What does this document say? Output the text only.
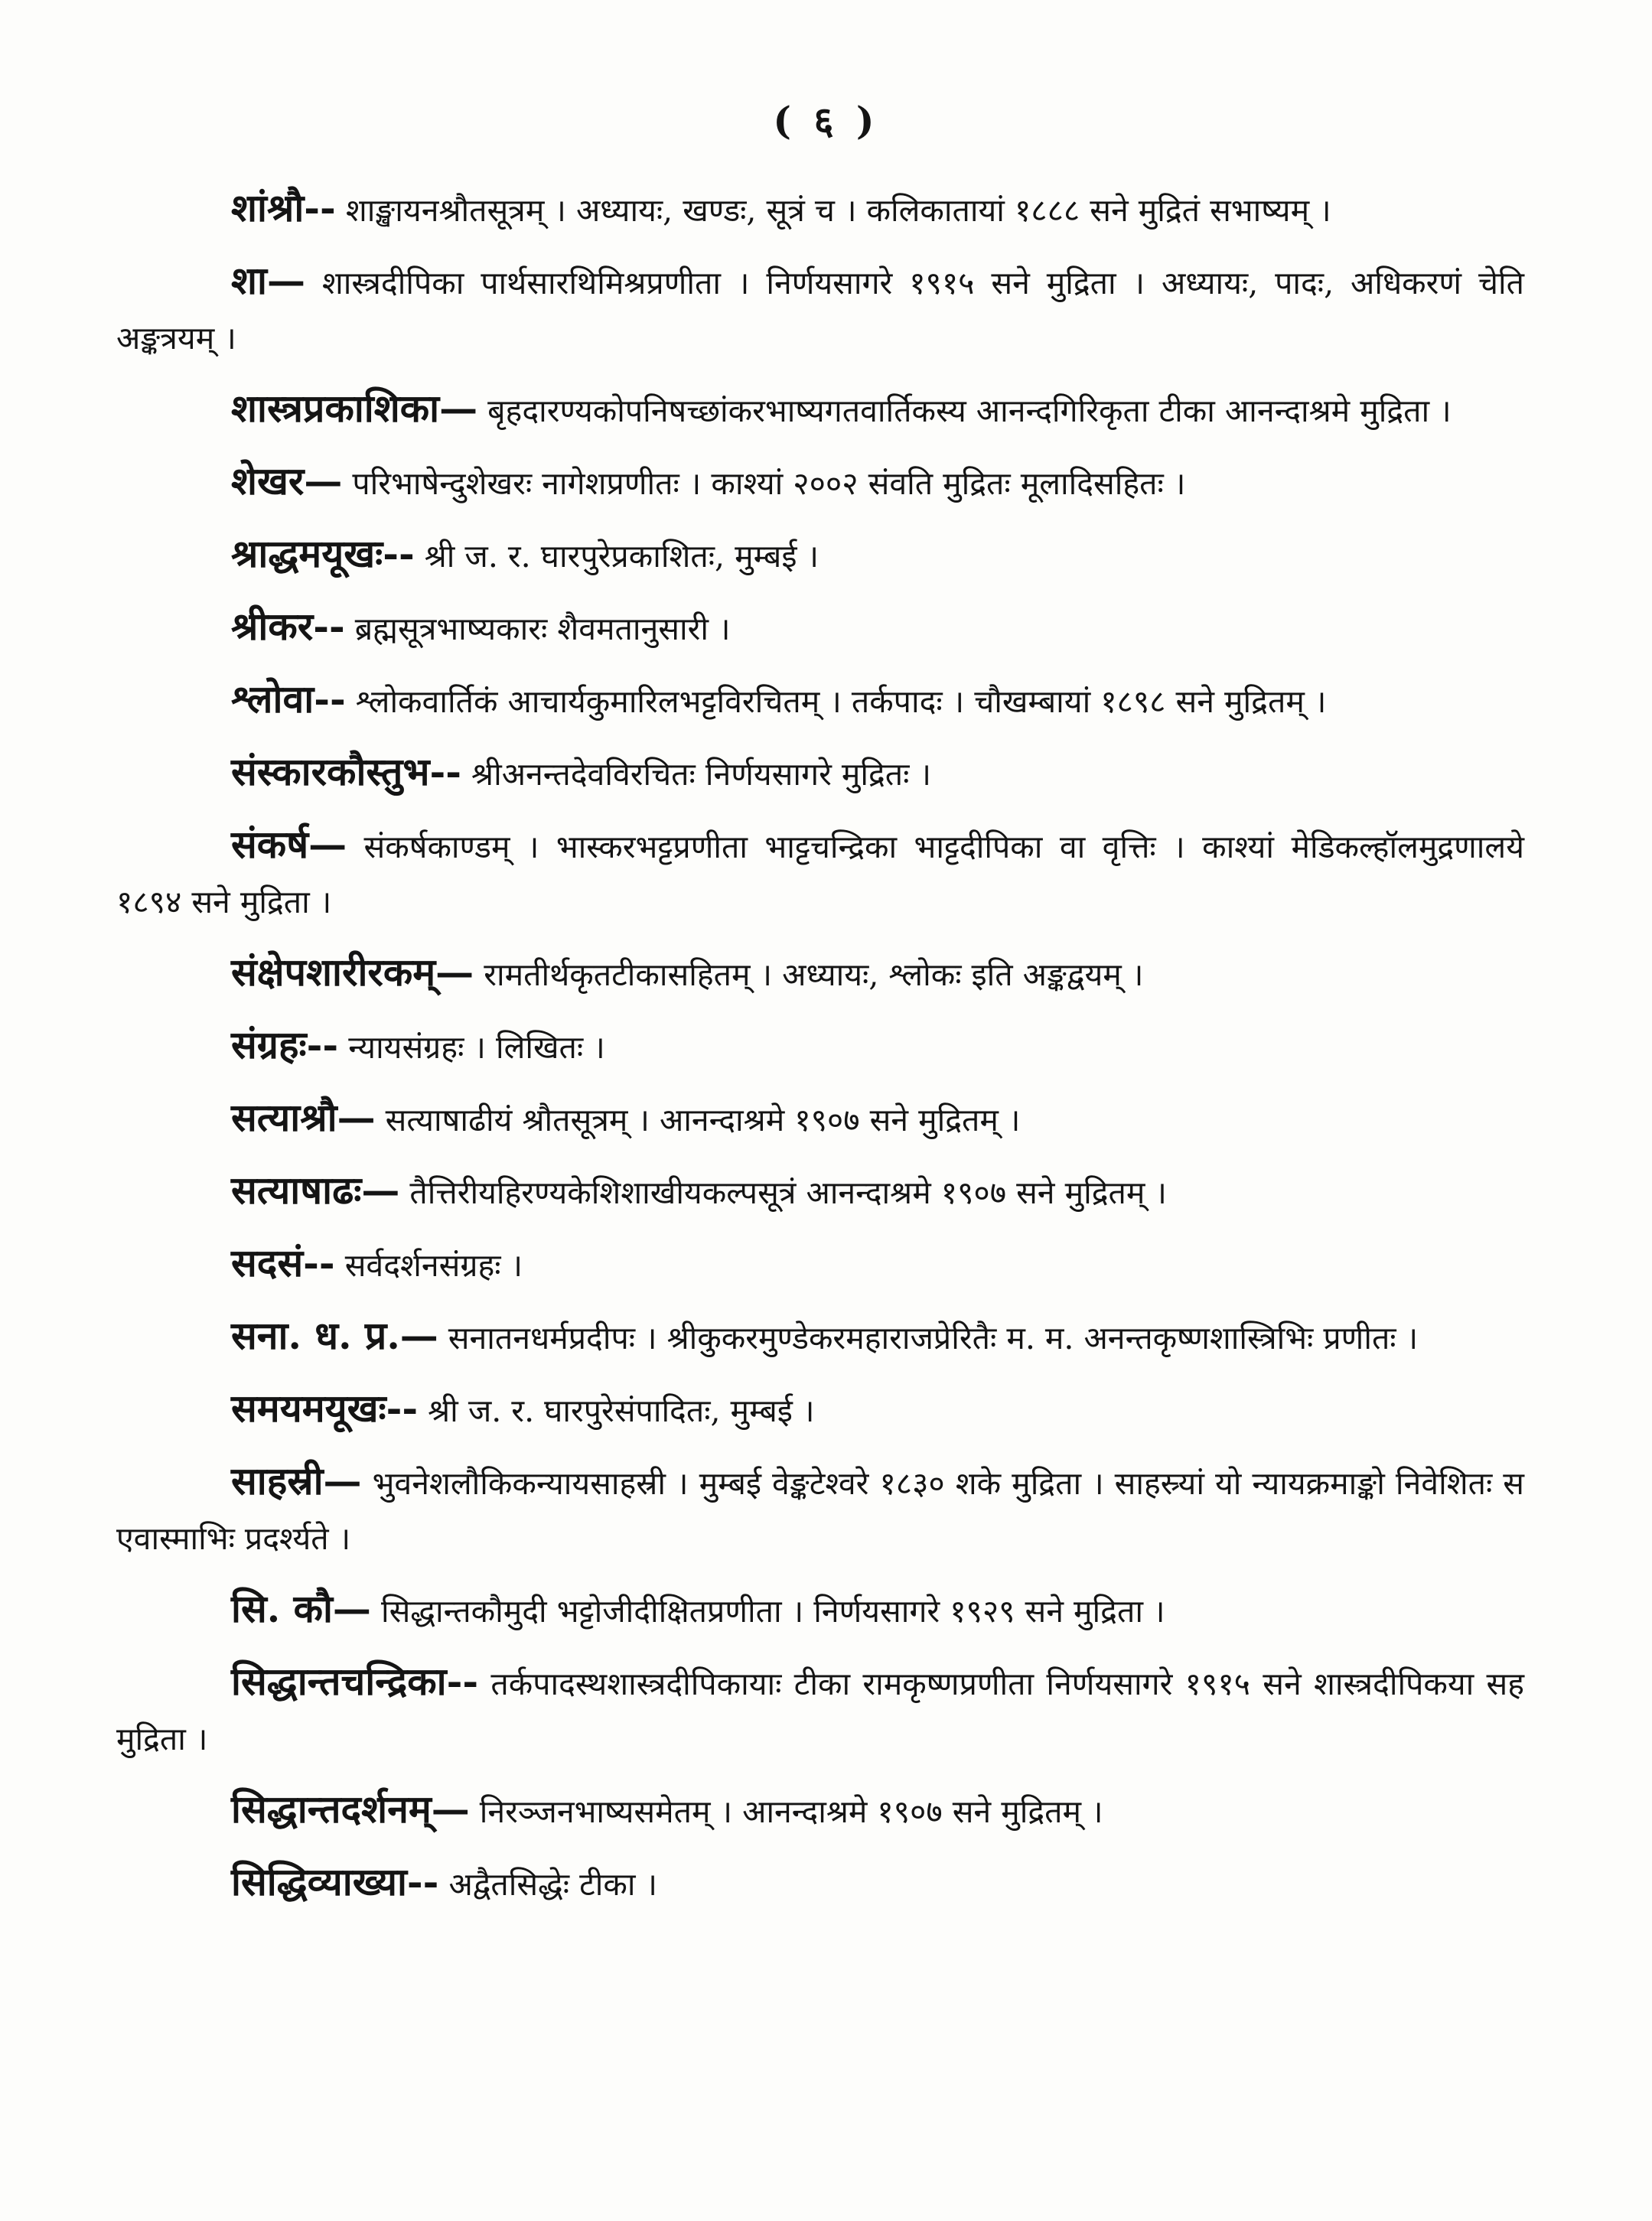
( ६ )

शांश्रौ-- शाङ्खायनश्रौतसूत्रम् । अध्यायः, खण्डः, सूत्रं च । कलिकातायां १८८८ सने मुद्रितं सभाष्यम् ।

शा— शास्त्रदीपिका पार्थसारथिमिश्रप्रणीता । निर्णयसागरे १९१५ सने मुद्रिता । अध्यायः, पादः, अधिकरणं चेति अङ्कत्रयम् ।

शास्त्रप्रकाशिका— बृहदारण्यकोपनिषच्छांकरभाष्यगतवार्तिकस्य आनन्दगिरिकृता टीका आनन्दाश्रमे मुद्रिता ।

शेखर— परिभाषेन्दुशेखरः नागेशप्रणीतः । काश्यां २००२ संवति मुद्रितः मूलादिसहितः ।

श्राद्धमयूखः-- श्री ज. र. घारपुरेप्रकाशितः, मुम्बई ।

श्रीकर-- ब्रह्मसूत्रभाष्यकारः शैवमतानुसारी ।

श्लोवा-- श्लोकवार्तिकं आचार्यकुमारिलभट्टविरचितम् । तर्कपादः । चौखम्बायां १८९८ सने मुद्रितम् ।

संस्कारकौस्तुभ-- श्रीअनन्तदेवविरचितः निर्णयसागरे मुद्रितः ।

संकर्ष— संकर्षकाण्डम् । भास्करभट्टप्रणीता भाट्टचन्द्रिका भाट्टदीपिका वा वृत्तिः । काश्यां मेडिकल्हॉलमुद्रणालये १८९४ सने मुद्रिता ।

संक्षेपशारीरकम्— रामतीर्थकृतटीकासहितम् । अध्यायः, श्लोकः इति अङ्कद्वयम् ।

संग्रहः-- न्यायसंग्रहः । लिखितः ।

सत्याश्रौ— सत्याषाढीयं श्रौतसूत्रम् । आनन्दाश्रमे १९०७ सने मुद्रितम् ।

सत्याषाढः— तैत्तिरीयहिरण्यकेशिशाखीयकल्पसूत्रं आनन्दाश्रमे १९०७ सने मुद्रितम् ।

सदसं-- सर्वदर्शनसंग्रहः ।

सना. ध. प्र.— सनातनधर्मप्रदीपः । श्रीकुकरमुण्डेकरमहाराजप्रेरितैः म. म. अनन्तकृष्णशास्त्रिभिः प्रणीतः ।

समयमयूखः-- श्री ज. र. घारपुरेसंपादितः, मुम्बई ।

साहस्री— भुवनेशलौकिकन्यायसाहस्री । मुम्बई वेङ्कटेश्वरे १८३० शके मुद्रिता । साहस्र्यां यो न्यायक्रमाङ्को निवेशितः स एवास्माभिः प्रदर्श्यते ।

सि. कौ— सिद्धान्तकौमुदी भट्टोजीदीक्षितप्रणीता । निर्णयसागरे १९२९ सने मुद्रिता ।

सिद्धान्तचन्द्रिका-- तर्कपादस्थशास्त्रदीपिकायाः टीका रामकृष्णप्रणीता निर्णयसागरे १९१५ सने शास्त्रदीपिकया सह मुद्रिता ।

सिद्धान्तदर्शनम्— निरञ्जनभाष्यसमेतम् । आनन्दाश्रमे १९०७ सने मुद्रितम् ।

सिद्धिव्याख्या-- अद्वैतसिद्धेः टीका ।
